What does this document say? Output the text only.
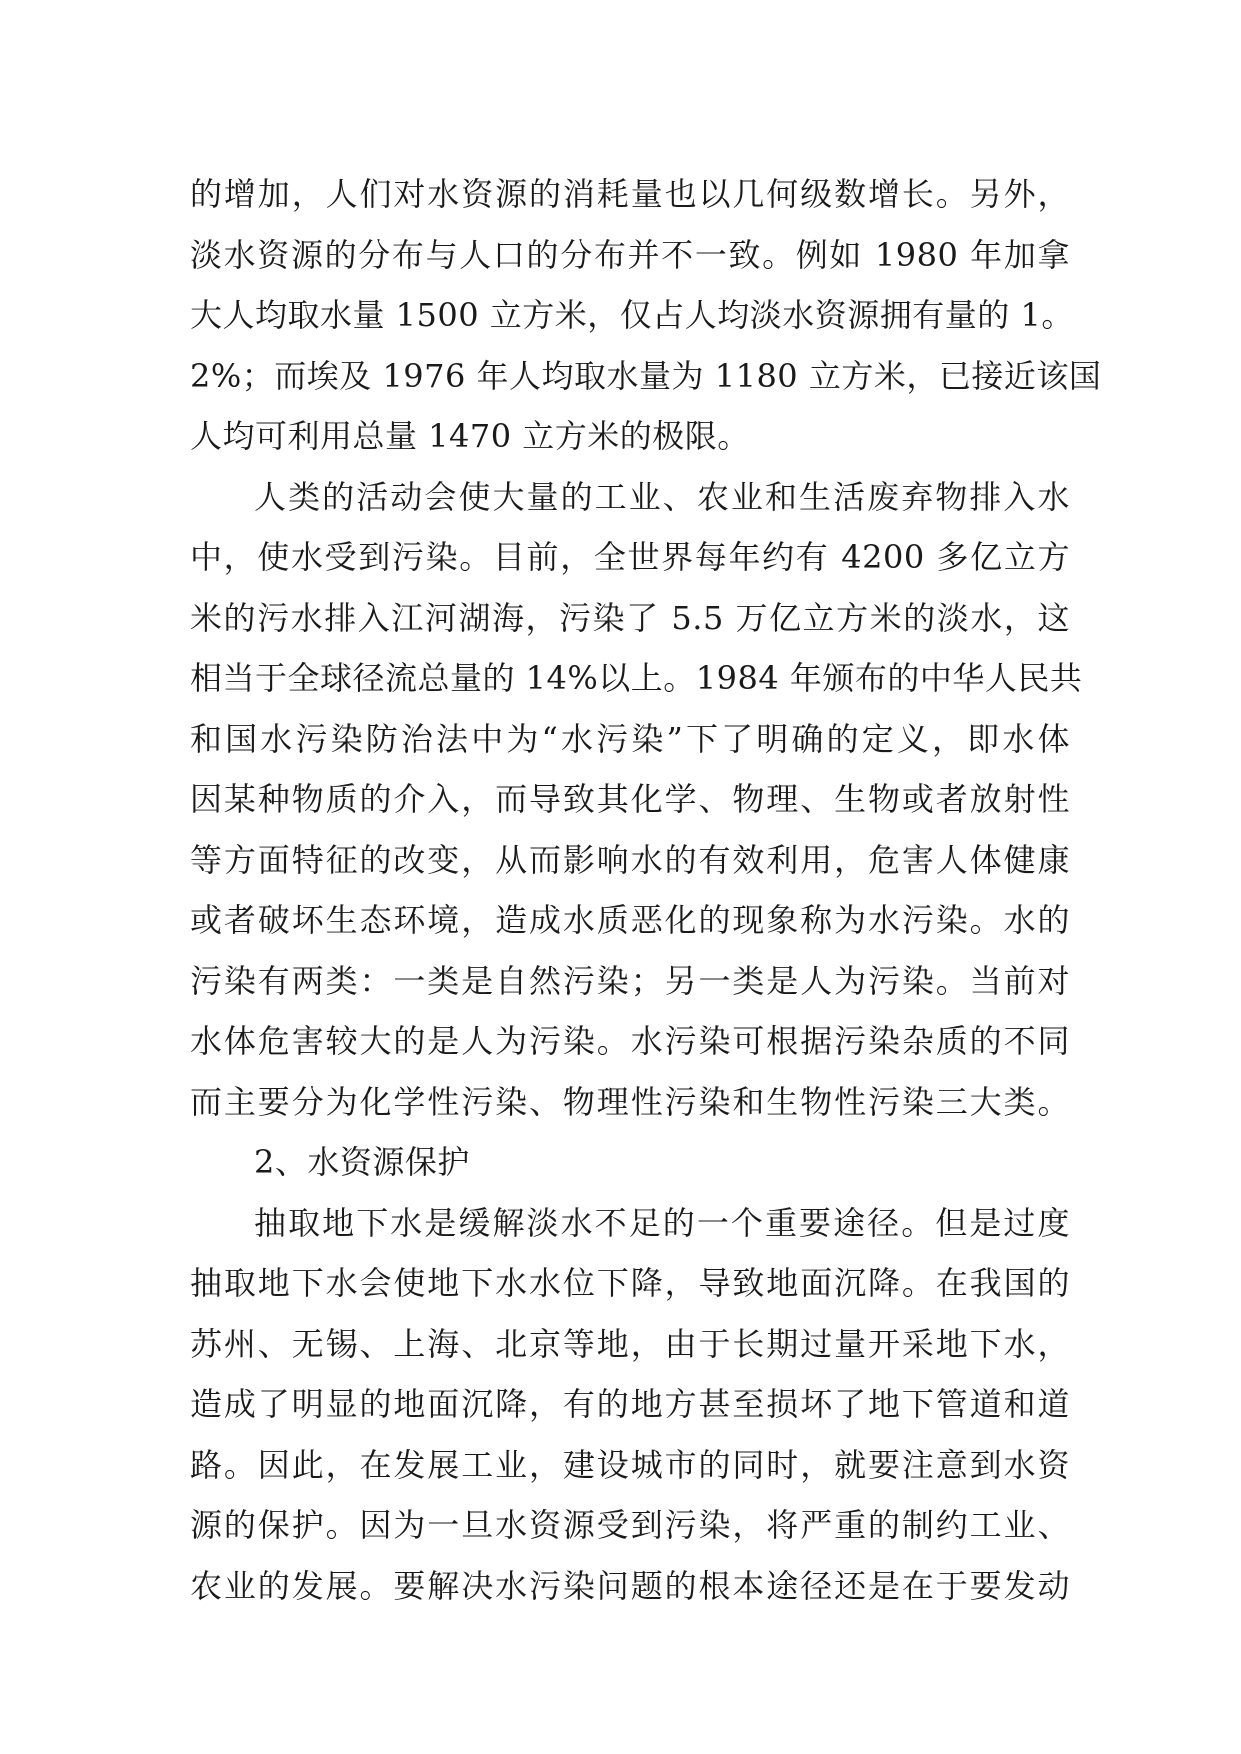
的增加，人们对水资源的消耗量也以几何级数增长。另外，
淡水资源的分布与人口的分布并不一致。例如 1980 年加拿
大人均取水量 1500 立方米，仅占人均淡水资源拥有量的 1。
2%；而埃及 1976 年人均取水量为 1180 立方米，已接近该国
人均可利用总量 1470 立方米的极限。
人类的活动会使大量的工业、农业和生活废弃物排入水
中，使水受到污染。目前，全世界每年约有 4200 多亿立方
米的污水排入江河湖海，污染了 5.5 万亿立方米的淡水，这
相当于全球径流总量的 14%以上。1984 年颁布的中华人民共
和国水污染防治法中为“水污染”下了明确的定义，即水体
因某种物质的介入，而导致其化学、物理、生物或者放射性
等方面特征的改变，从而影响水的有效利用，危害人体健康
或者破坏生态环境，造成水质恶化的现象称为水污染。水的
污染有两类：一类是自然污染；另一类是人为污染。当前对
水体危害较大的是人为污染。水污染可根据污染杂质的不同
而主要分为化学性污染、物理性污染和生物性污染三大类。
2、水资源保护
抽取地下水是缓解淡水不足的一个重要途径。但是过度
抽取地下水会使地下水水位下降，导致地面沉降。在我国的
苏州、无锡、上海、北京等地，由于长期过量开采地下水，
造成了明显的地面沉降，有的地方甚至损坏了地下管道和道
路。因此，在发展工业，建设城市的同时，就要注意到水资
源的保护。因为一旦水资源受到污染，将严重的制约工业、
农业的发展。要解决水污染问题的根本途径还是在于要发动
